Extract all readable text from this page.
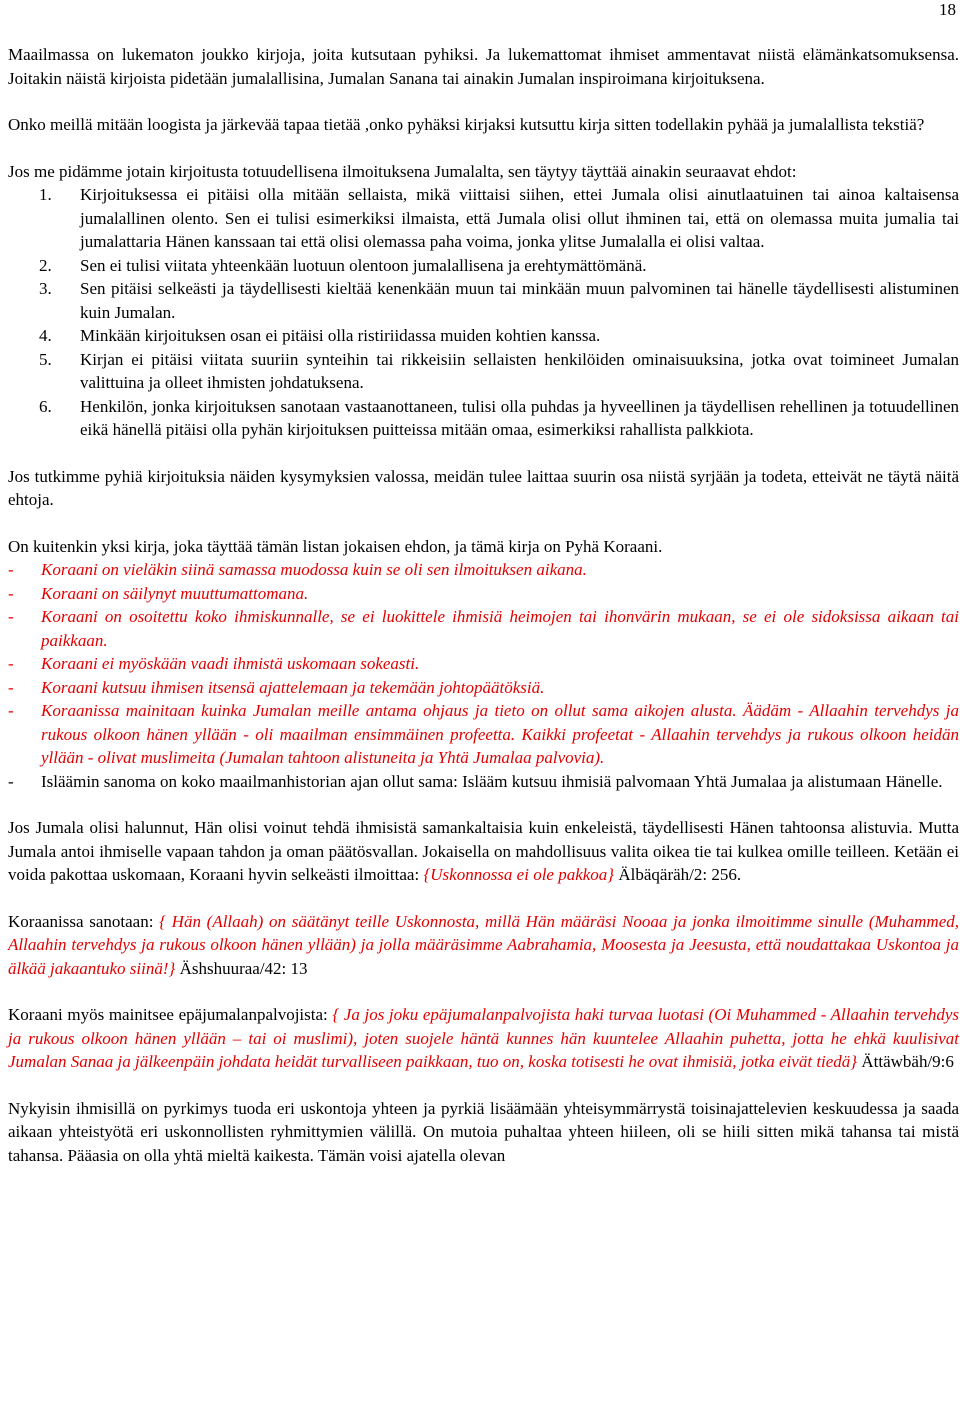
18

Maailmassa on lukematon joukko kirjoja, joita kutsutaan pyhiksi. Ja lukemattomat ihmiset ammentavat niistä elämänkatsomuksensa. Joitakin näistä kirjoista pidetään jumalallisina, Jumalan Sanana tai ainakin Jumalan inspiroimana kirjoituksena.

Onko meillä mitään loogista ja järkevää tapaa tietää ,onko pyhäksi kirjaksi kutsuttu kirja sitten todellakin pyhää ja jumalallista tekstiä?

Jos me pidämme jotain kirjoitusta totuudellisena ilmoituksena Jumalalta, sen täytyy täyttää ainakin seuraavat ehdot:

1.	Kirjoituksessa ei pitäisi olla mitään sellaista, mikä viittaisi siihen, ettei Jumala olisi ainutlaatuinen tai ainoa kaltaisensa jumalallinen olento. Sen ei tulisi esimerkiksi ilmaista, että Jumala olisi ollut ihminen tai, että on olemassa muita jumalia tai jumalattaria Hänen kanssaan tai että olisi olemassa paha voima, jonka ylitse Jumalalla ei olisi valtaa.
2.	Sen ei tulisi viitata yhteenkään luotuun olentoon jumalallisena ja erehtymättömänä.
3.	Sen pitäisi selkeästi ja täydellisesti kieltää kenenkään muun tai minkään muun palvominen tai hänelle täydellisesti alistuminen kuin Jumalan.
4.	Minkään kirjoituksen osan ei pitäisi olla ristiriidassa muiden kohtien kanssa.
5.	Kirjan ei pitäisi viitata suuriin synteihin tai rikkeisiin sellaisten henkilöiden ominaisuuksina, jotka ovat toimineet Jumalan valittuina ja olleet ihmisten johdatuksena.
6.	Henkilön, jonka kirjoituksen sanotaan vastaanottaneen, tulisi olla puhdas ja hyveellinen ja täydellisen rehellinen ja totuudellinen eikä hänellä pitäisi olla pyhän kirjoituksen puitteissa mitään omaa, esimerkiksi rahallista palkkiota.

Jos tutkimme pyhiä kirjoituksia näiden kysymyksien valossa, meidän tulee laittaa suurin osa niistä syrjään ja todeta, etteivät ne täytä näitä ehtoja.

On kuitenkin yksi kirja, joka täyttää tämän listan jokaisen ehdon, ja tämä kirja on Pyhä Koraani.

-	Koraani on vieläkin siinä samassa muodossa kuin se oli sen ilmoituksen aikana.
-	Koraani on säilynyt muuttumattomana.
-	Koraani on osoitettu koko ihmiskunnalle, se ei luokittele ihmisiä heimojen tai ihonvärin mukaan, se ei ole sidoksissa aikaan tai paikkaan.
-	Koraani ei myöskään vaadi ihmistä uskomaan sokeasti.
-	Koraani kutsuu ihmisen itsensä ajattelemaan ja tekemään johtopäätöksiä.
-	Koraanissa mainitaan kuinka Jumalan meille antama ohjaus ja tieto on ollut sama aikojen alusta. Äädäm - Allaahin tervehdys ja rukous olkoon hänen yllään - oli maailman ensimmäinen profeetta. Kaikki profeetat - Allaahin tervehdys ja rukous olkoon heidän yllään - olivat muslimeita (Jumalan tahtoon alistuneita ja Yhtä Jumalaa palvovia).
-	Isläämin sanoma on koko maailmanhistorian ajan ollut sama: Islääm kutsuu ihmisiä palvomaan Yhtä Jumalaa ja alistumaan Hänelle.

Jos Jumala olisi halunnut, Hän olisi voinut tehdä ihmisistä samankaltaisia kuin enkeleistä, täydellisesti Hänen tahtoonsa alistuvia. Mutta Jumala antoi ihmiselle vapaan tahdon ja oman päätösvallan. Jokaisella on mahdollisuus valita oikea tie tai kulkea omille teilleen. Ketään ei voida pakottaa uskomaan, Koraani hyvin selkeästi ilmoittaa: {Uskonnossa ei ole pakkoa} Älbäqäräh/2: 256.

Koraanissa sanotaan: { Hän (Allaah) on säätänyt teille Uskonnosta, millä Hän määräsi Nooaa ja jonka ilmoitimme sinulle (Muhammed, Allaahin tervehdys ja rukous olkoon hänen yllään) ja jolla määräsimme Aabrahamia, Moosesta ja Jeesusta, että noudattakaa Uskontoa ja älkää jakaantuko siinä!} Äshshuuraa/42: 13

Koraani myös mainitsee epäjumalanpalvojista: { Ja jos joku epäjumalanpalvojista haki turvaa luotasi (Oi Muhammed - Allaahin tervehdys ja rukous olkoon hänen yllään – tai oi muslimi), joten suojele häntä kunnes hän kuuntelee Allaahin puhetta, jotta he ehkä kuulisivat Jumalan Sanaa ja jälkeenpäin johdata heidät turvalliseen paikkaan, tuo on, koska totisesti he ovat ihmisiä, jotka eivät tiedä} Ättäwbäh/9:6

Nykyisin ihmisillä on pyrkimys tuoda eri uskontoja yhteen ja pyrkiä lisäämään yhteisymmärrystä toisinajattelevien keskuudessa ja saada aikaan yhteistyötä eri uskonnollisten ryhmittymien välillä. On mutoia puhaltaa yhteen hiileen, oli se hiili sitten mikä tahansa tai mistä tahansa. Pääasia on olla yhtä mieltä kaikesta. Tämän voisi ajatella olevan
